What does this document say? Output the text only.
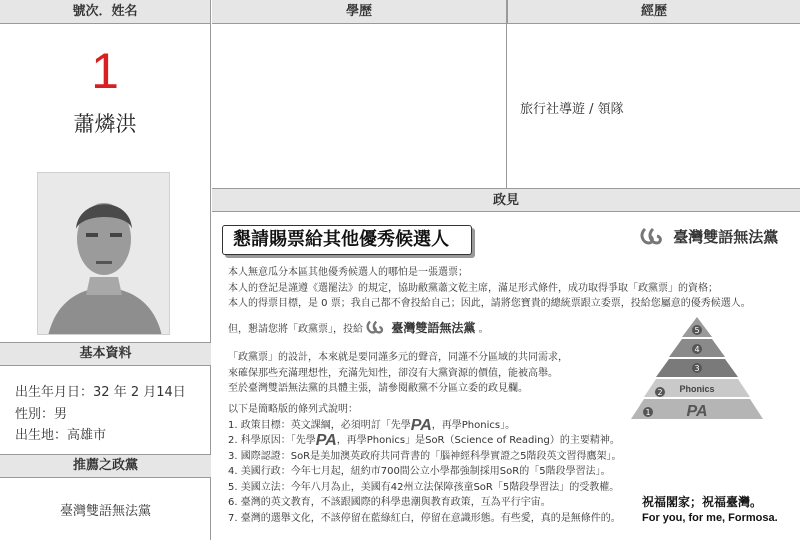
號次．姓名
1
蕭燐洪
基本資料
出生年月日：32 年 2 月14日
性別：男
出生地：高雄市
推薦之政黨
臺灣雙語無法黨
學歷	經歷
旅行社導遊 / 領隊
政見
懇請賜票給其他優秀候選人	臺灣雙語無法黨
本人無意瓜分本區其他優秀候選人的哪怕是一張選票；
本人的登記是謹遵《選罷法》的規定，協助敝黨蕭文乾主席，滿足形式條件，成功取得爭取「政黨票」的資格；
本人的得票目標，是 0 票；我自己都不會投給自己；因此，請將您寶貴的總統票跟立委票，投給您屬意的優秀候選人。
但，懇請您將「政黨票」，投給 臺灣雙語無法黨 。
「政黨票」的設計，本來就是要同謹多元的聲音，同謹不分區域的共同需求，
來確保那些充滿理想性，充滿先知性，卻沒有大黨資源的價值，能被高舉。
至於臺灣雙語無法黨的具體主張，請參閱敝黨不分區立委的政見欄。
以下是簡略版的條列式說明：
1. 政策目標：英文課綱，必須明訂「先學PA，再學Phonics」。
2. 科學原因：「先學PA，再學Phonics」是SoR（Science of Reading）的主要精神。
3. 國際認證：SoR是美加澳英政府共同背書的「腦神經科學實證之5階段英文習得鷹架」。
4. 美國行政：今年七月起，紐約市700間公立小學都強制採用SoR的「5階段學習法」。
5. 美國立法：今年八月為止，美國有42州立法保障孩童SoR「5階段學習法」的受教權。
6. 臺灣的英文教育，不該跟國際的科學患潮與教育政策，互為平行宇宙。
7. 臺灣的選舉文化，不該停留在藍綠紅白，停留在意識形態。有些愛，真的是無條件的。
5
4
3
2
1
Phonics
PA
祝福閣家；祝福臺灣。
For you, for me, Formosa.
